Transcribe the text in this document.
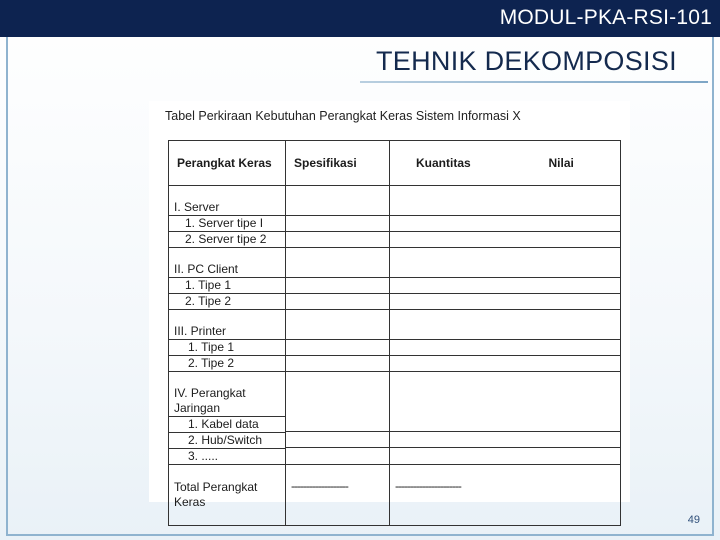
MODUL-PKA-RSI-101
TEHNIK DEKOMPOSISI
Tabel Perkiraan Kebutuhan Perangkat Keras Sistem Informasi X
Perangkat Keras	Spesifikasi	Kuantitas Nilai

I. Server
1. Server tipe I
2. Server tipe 2		

II. PC Client
1. Tipe 1
2. Tipe 2		

III. Printer
1. Tipe 1
2. Tipe 2		

IV. Perangkat
Jaringan
1. Kabel data
2. Hub/Switch
3. .....		

Total Perangkat Keras	-------------------	----------------------
49
